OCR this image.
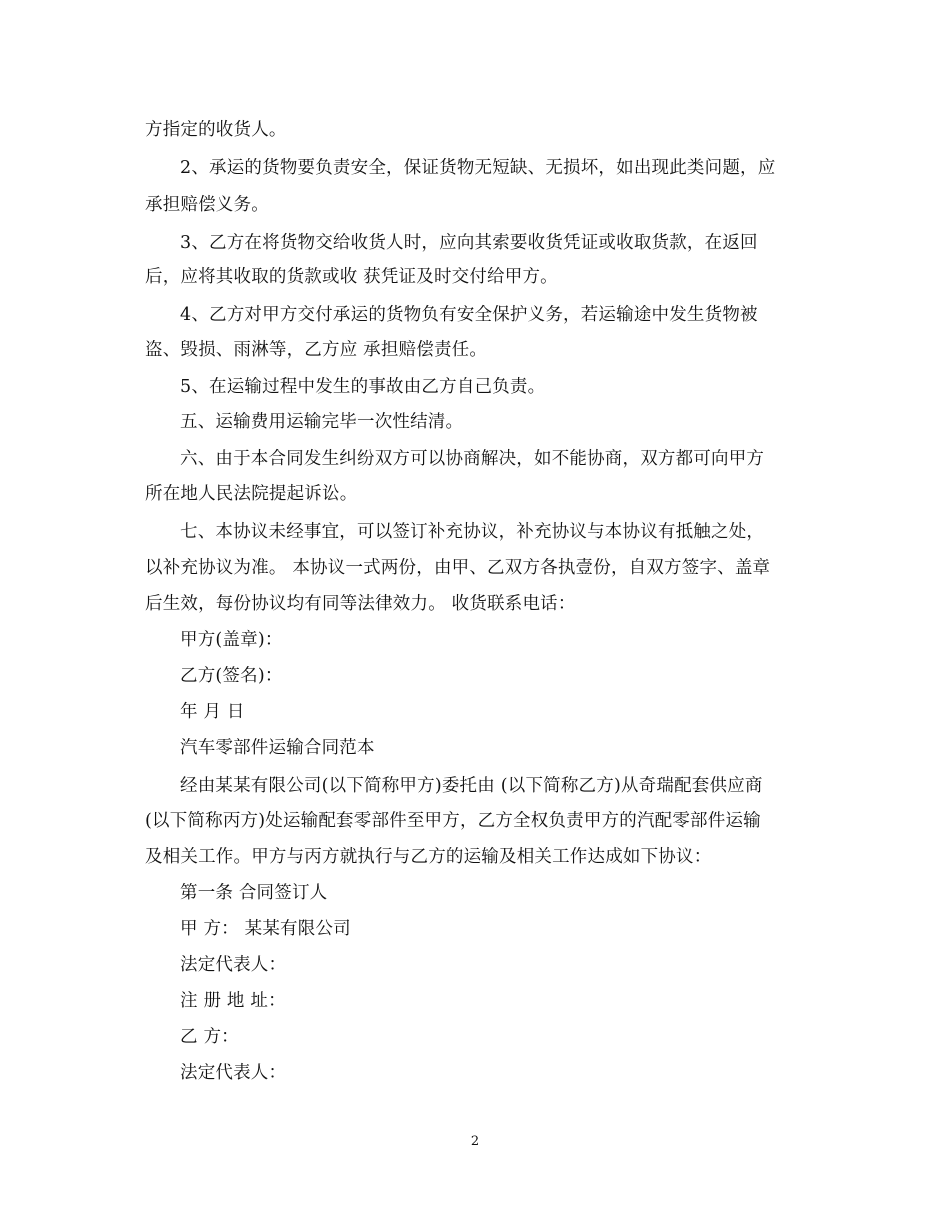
方指定的收货人。
2、承运的货物要负责安全，保证货物无短缺、无损坏，如出现此类问题，应
承担赔偿义务。
3、乙方在将货物交给收货人时，应向其索要收货凭证或收取货款，在返回
后，应将其收取的货款或收 获凭证及时交付给甲方。
4、乙方对甲方交付承运的货物负有安全保护义务，若运输途中发生货物被
盗、毁损、雨淋等，乙方应 承担赔偿责任。
5、在运输过程中发生的事故由乙方自己负责。
五、运输费用运输完毕一次性结清。
六、由于本合同发生纠纷双方可以协商解决，如不能协商，双方都可向甲方
所在地人民法院提起诉讼。
七、本协议未经事宜，可以签订补充协议，补充协议与本协议有抵触之处，
以补充协议为准。 本协议一式两份，由甲、乙双方各执壹份，自双方签字、盖章
后生效，每份协议均有同等法律效力。 收货联系电话：
甲方(盖章)：
乙方(签名)：
年 月 日
汽车零部件运输合同范本
经由某某有限公司(以下简称甲方)委托由 (以下简称乙方)从奇瑞配套供应商
(以下简称丙方)处运输配套零部件至甲方，乙方全权负责甲方的汽配零部件运输
及相关工作。甲方与丙方就执行与乙方的运输及相关工作达成如下协议：
第一条 合同签订人
甲 方： 某某有限公司
法定代表人：
注 册 地 址：
乙 方：
法定代表人：
2
